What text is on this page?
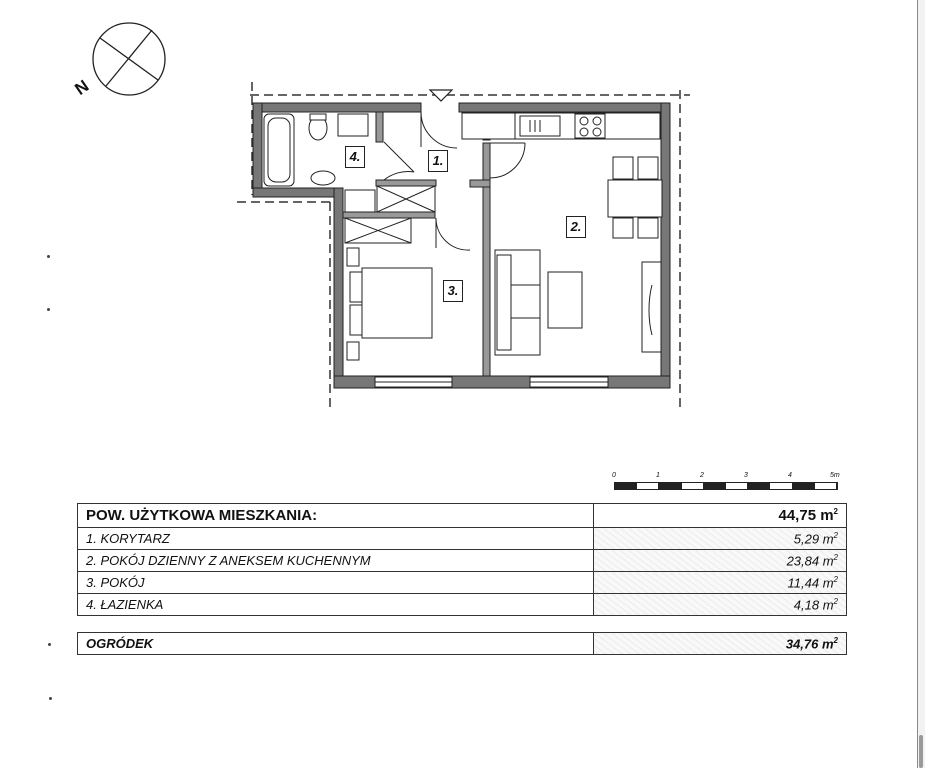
N
1.
2.
3.
4.
0	1	2	3	4	5m
POW. UŻYTKOWA MIESZKANIA:	44,75 $m^2$
1. KORYTARZ	5,29 $m^2$
2. POKÓJ DZIENNY Z ANEKSEM KUCHENNYM	23,84 $m^2$
3. POKÓJ	11,44 $m^2$
4. ŁAZIENKA	4,18 $m^2$
OGRÓDEK	34,76 $m^2$
